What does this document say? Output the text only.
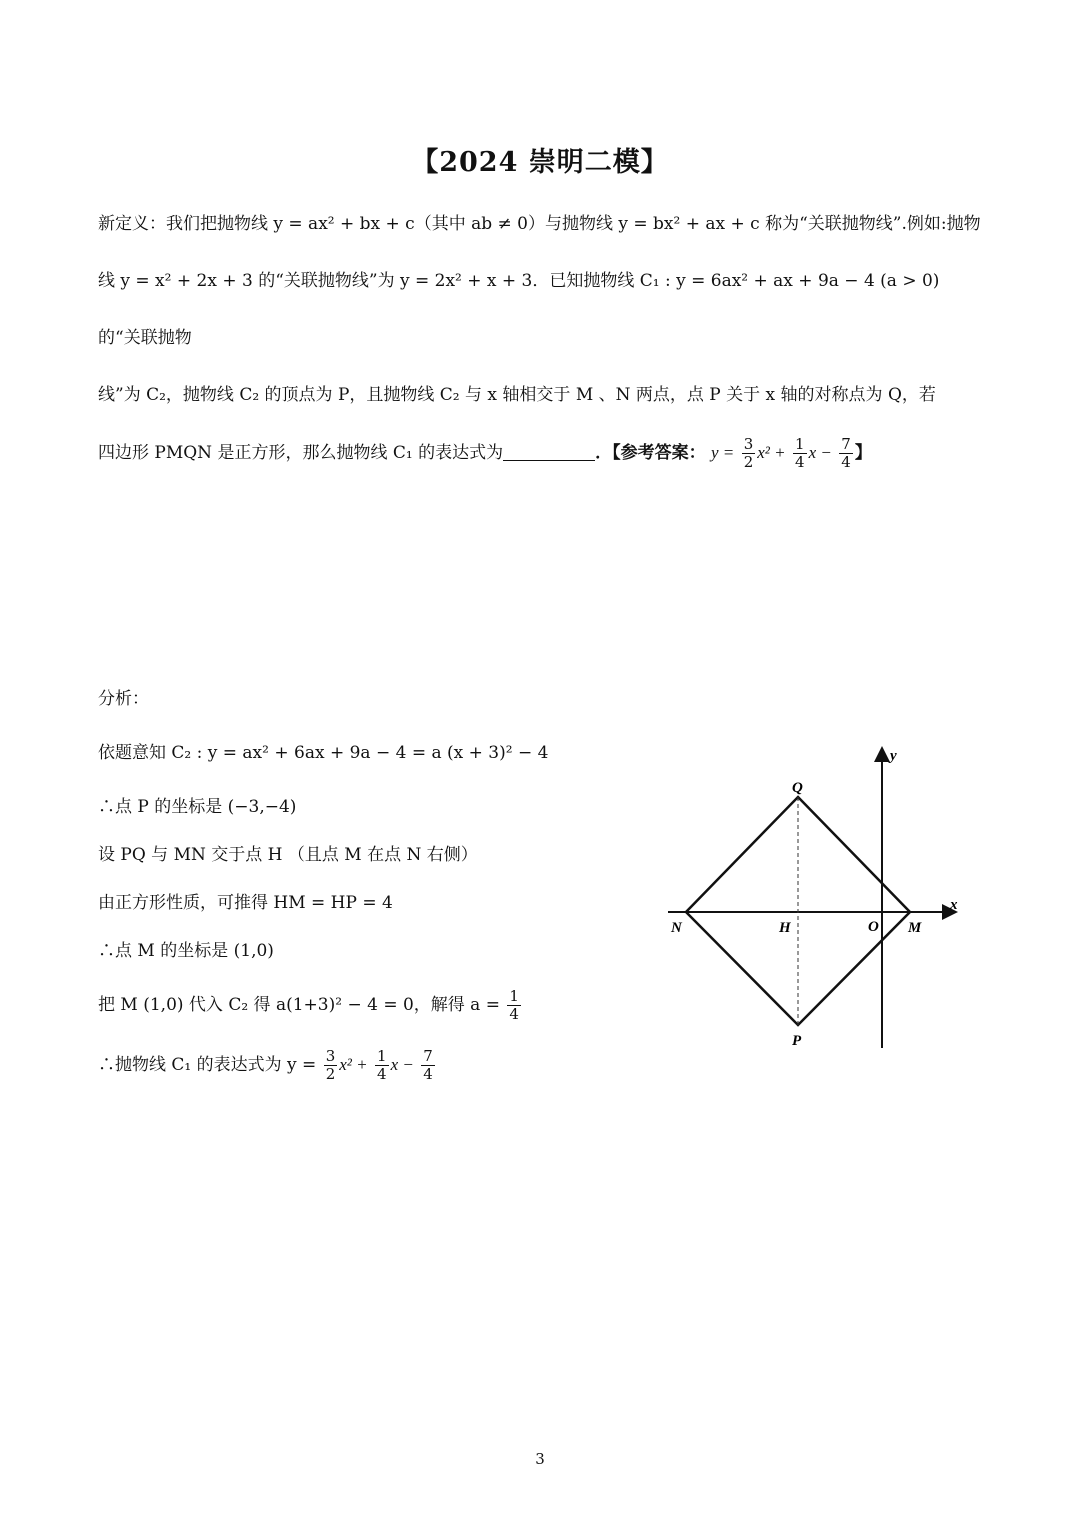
【2024 崇明二模】

新定义：我们把抛物线 y = ax² + bx + c（其中 ab ≠ 0）与抛物线 y = bx² + ax + c 称为“关联抛物线”.例如:抛物

线 y = x² + 2x + 3 的“关联抛物线”为 y = 2x² + x + 3．已知抛物线 C₁ : y = 6ax² + ax + 9a − 4 (a > 0) 的“关联抛物

线”为 C₂，抛物线 C₂ 的顶点为 P，且抛物线 C₂ 与 x 轴相交于 M 、N 两点，点 P 关于 x 轴的对称点为 Q，若

四边形 PMQN 是正方形，那么抛物线 C₁ 的表达式为	．【参考答案： $y = \frac{3}{2} x^2 + \frac{1}{4}$ $x - \frac{7}{4}$ 】

分析：
依题意知 C₂ : y = ax² + 6ax + 9a − 4 = a (x + 3)² − 4
∴点 P 的坐标是 (−3,−4)
设 PQ 与 MN 交于点 H （且点 M 在点 N 右侧）
由正方形性质，可推得 HM = HP = 4
∴点 M 的坐标是 (1,0)
把 M (1,0) 代入 C₂ 得 a(1+3)² − 4 = 0，解得 $a = \frac{1}{4}$
∴抛物线 C₁ 的表达式为 $y = \frac{3}{2} x^2 + \frac{1}{4}$ $x - \frac{7}{4}$
y
x
Q
P
N	H	O M
3
